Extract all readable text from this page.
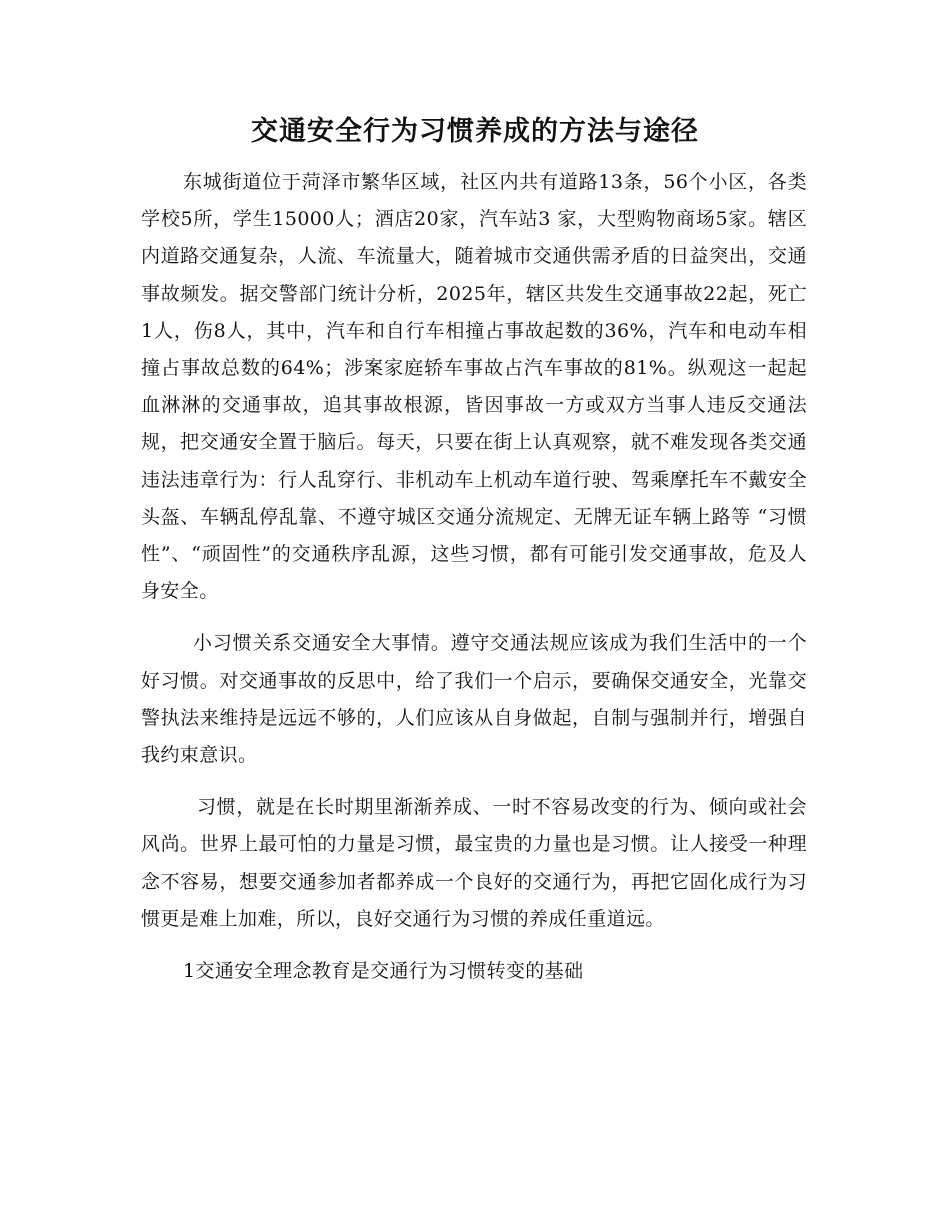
交通安全行为习惯养成的方法与途径

东城街道位于菏泽市繁华区域，社区内共有道路13条，56个小区，各类学校5所，学生15000人；酒店20家，汽车站3 家，大型购物商场5家。辖区内道路交通复杂，人流、车流量大，随着城市交通供需矛盾的日益突出，交通事故频发。据交警部门统计分析，2025年，辖区共发生交通事故22起，死亡1人，伤8人，其中，汽车和自行车相撞占事故起数的36%，汽车和电动车相撞占事故总数的64%；涉案家庭轿车事故占汽车事故的81%。纵观这一起起血淋淋的交通事故，追其事故根源，皆因事故一方或双方当事人违反交通法规，把交通安全置于脑后。每天，只要在街上认真观察，就不难发现各类交通违法违章行为：行人乱穿行、非机动车上机动车道行驶、驾乘摩托车不戴安全头盔、车辆乱停乱靠、不遵守城区交通分流规定、无牌无证车辆上路等 “习惯性”、“顽固性”的交通秩序乱源，这些习惯，都有可能引发交通事故，危及人身安全。

小习惯关系交通安全大事情。遵守交通法规应该成为我们生活中的一个好习惯。对交通事故的反思中，给了我们一个启示，要确保交通安全，光靠交警执法来维持是远远不够的，人们应该从自身做起，自制与强制并行，增强自我约束意识。

习惯，就是在长时期里渐渐养成、一时不容易改变的行为、倾向或社会风尚。世界上最可怕的力量是习惯，最宝贵的力量也是习惯。让人接受一种理念不容易，想要交通参加者都养成一个良好的交通行为，再把它固化成行为习惯更是难上加难，所以，良好交通行为习惯的养成任重道远。

1交通安全理念教育是交通行为习惯转变的基础
